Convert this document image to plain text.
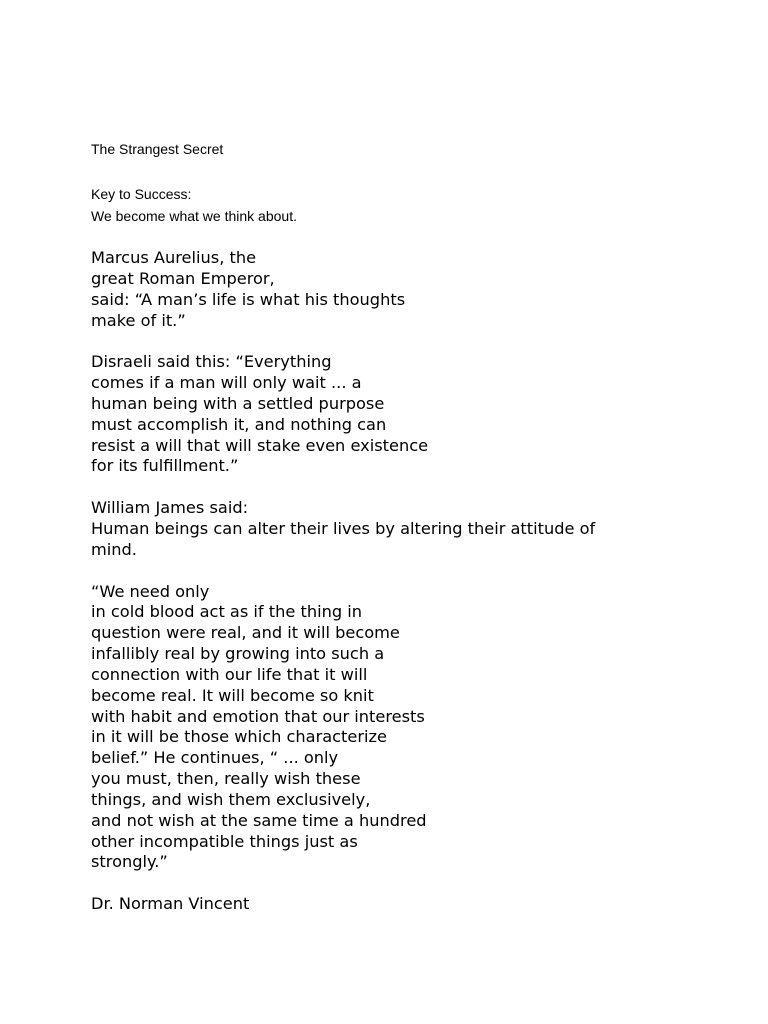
The Strangest Secret
Key to Success:
We become what we think about.
Marcus Aurelius, the
great Roman Emperor,
said: “A man’s life is what his thoughts
make of it.”
Disraeli said this: “Everything
comes if a man will only wait ... a
human being with a settled purpose
must accomplish it, and nothing can
resist a will that will stake even existence
for its fulfillment.”
William James said:
Human beings can alter their lives by altering their attitude of
mind.
“We need only
in cold blood act as if the thing in
question were real, and it will become
infallibly real by growing into such a
connection with our life that it will
become real. It will become so knit
with habit and emotion that our interests
in it will be those which characterize
belief.” He continues, “ ... only
you must, then, really wish these
things, and wish them exclusively,
and not wish at the same time a hundred
other incompatible things just as
strongly.”
Dr. Norman Vincent
